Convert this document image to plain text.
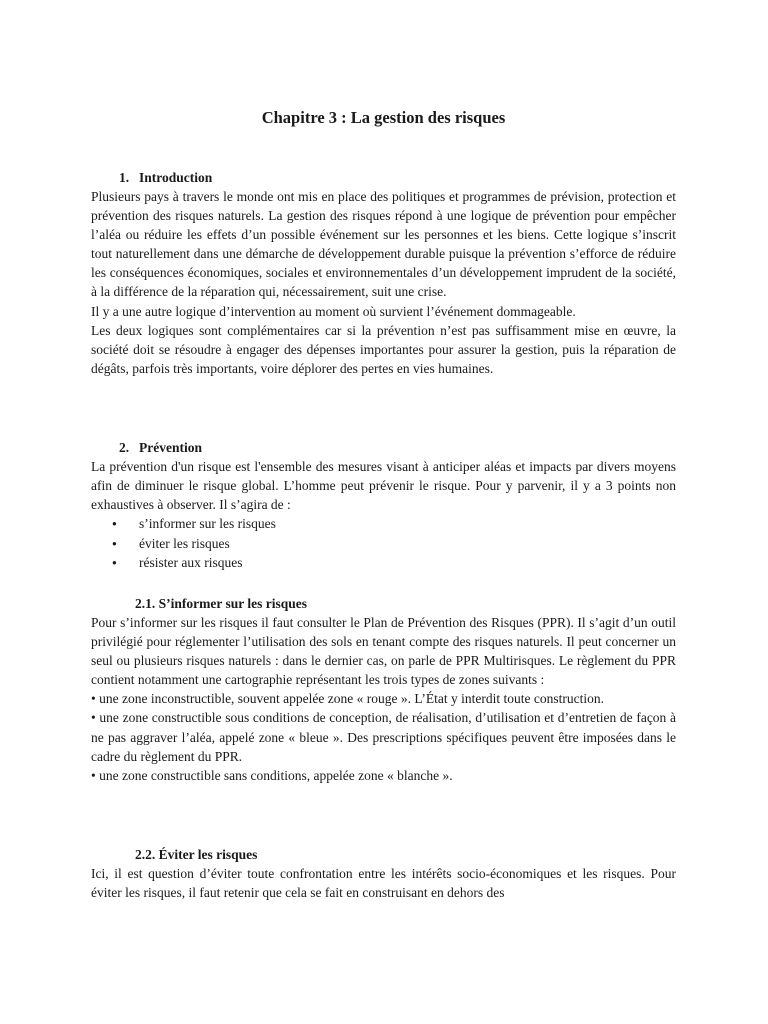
Chapitre 3 : La gestion des risques
1. Introduction

Plusieurs pays à travers le monde ont mis en place des politiques et programmes de prévision, protection et prévention des risques naturels. La gestion des risques répond à une logique de prévention pour empêcher l’aléa ou réduire les effets d’un possible événement sur les personnes et les biens. Cette logique s’inscrit tout naturellement dans une démarche de développement durable puisque la prévention s’efforce de réduire les conséquences économiques, sociales et environnementales d’un développement imprudent de la société, à la différence de la réparation qui, nécessairement, suit une crise.

Il y a une autre logique d’intervention au moment où survient l’événement dommageable.

Les deux logiques sont complémentaires car si la prévention n’est pas suffisamment mise en œuvre, la société doit se résoudre à engager des dépenses importantes pour assurer la gestion, puis la réparation de dégâts, parfois très importants, voire déplorer des pertes en vies humaines.

2. Prévention

La prévention d'un risque est l'ensemble des mesures visant à anticiper aléas et impacts par divers moyens afin de diminuer le risque global. L’homme peut prévenir le risque. Pour y parvenir, il y a 3 points non exhaustives à observer. Il s’agira de :

● s’informer sur les risques
● éviter les risques
● résister aux risques
2.1. S’informer sur les risques

Pour s’informer sur les risques il faut consulter le Plan de Prévention des Risques (PPR). Il s’agit d’un outil privilégié pour réglementer l’utilisation des sols en tenant compte des risques naturels. Il peut concerner un seul ou plusieurs risques naturels : dans le dernier cas, on parle de PPR Multirisques. Le règlement du PPR contient notamment une cartographie représentant les trois types de zones suivants :

• une zone inconstructible, souvent appelée zone « rouge ». L’État y interdit toute construction.

• une zone constructible sous conditions de conception, de réalisation, d’utilisation et d’entretien de façon à ne pas aggraver l’aléa, appelé zone « bleue ». Des prescriptions spécifiques peuvent être imposées dans le cadre du règlement du PPR.

• une zone constructible sans conditions, appelée zone « blanche ».

2.2. Éviter les risques

Ici, il est question d’éviter toute confrontation entre les intérêts socio-économiques et les risques. Pour éviter les risques, il faut retenir que cela se fait en construisant en dehors des
